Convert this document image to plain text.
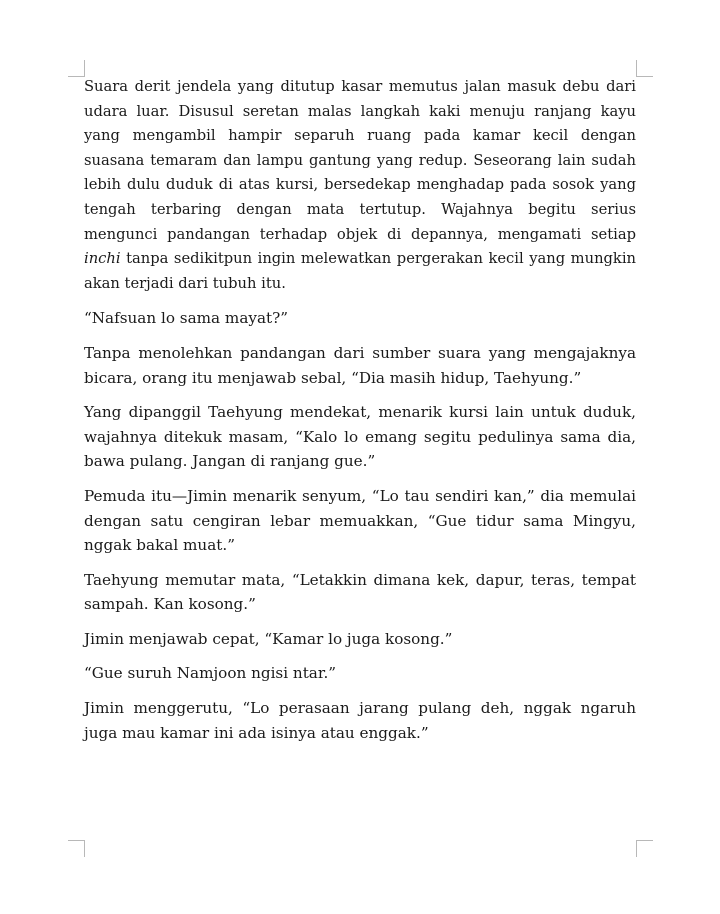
Suara derit jendela yang ditutup kasar memutus jalan masuk debu dari udara luar. Disusul seretan malas langkah kaki menuju ranjang kayu yang mengambil hampir separuh ruang pada kamar kecil dengan suasana temaram dan lampu gantung yang redup. Seseorang lain sudah lebih dulu duduk di atas kursi, bersedekap menghadap pada sosok yang tengah terbaring dengan mata tertutup. Wajahnya begitu serius mengunci pandangan terhadap objek di depannya, mengamati setiap inchi tanpa sedikitpun ingin melewatkan pergerakan kecil yang mungkin akan terjadi dari tubuh itu.

“Nafsuan lo sama mayat?”

Tanpa menolehkan pandangan dari sumber suara yang mengajaknya bicara, orang itu menjawab sebal, “Dia masih hidup, Taehyung.”

Yang dipanggil Taehyung mendekat, menarik kursi lain untuk duduk, wajahnya ditekuk masam, “Kalo lo emang segitu pedulinya sama dia, bawa pulang. Jangan di ranjang gue.”

Pemuda itu—Jimin menarik senyum, “Lo tau sendiri kan,” dia memulai dengan satu cengiran lebar memuakkan, “Gue tidur sama Mingyu, nggak bakal muat.”

Taehyung memutar mata, “Letakkin dimana kek, dapur, teras, tempat sampah. Kan kosong.”

Jimin menjawab cepat, “Kamar lo juga kosong.”

“Gue suruh Namjoon ngisi ntar.”

Jimin menggerutu, “Lo perasaan jarang pulang deh, nggak ngaruh juga mau kamar ini ada isinya atau enggak.”
